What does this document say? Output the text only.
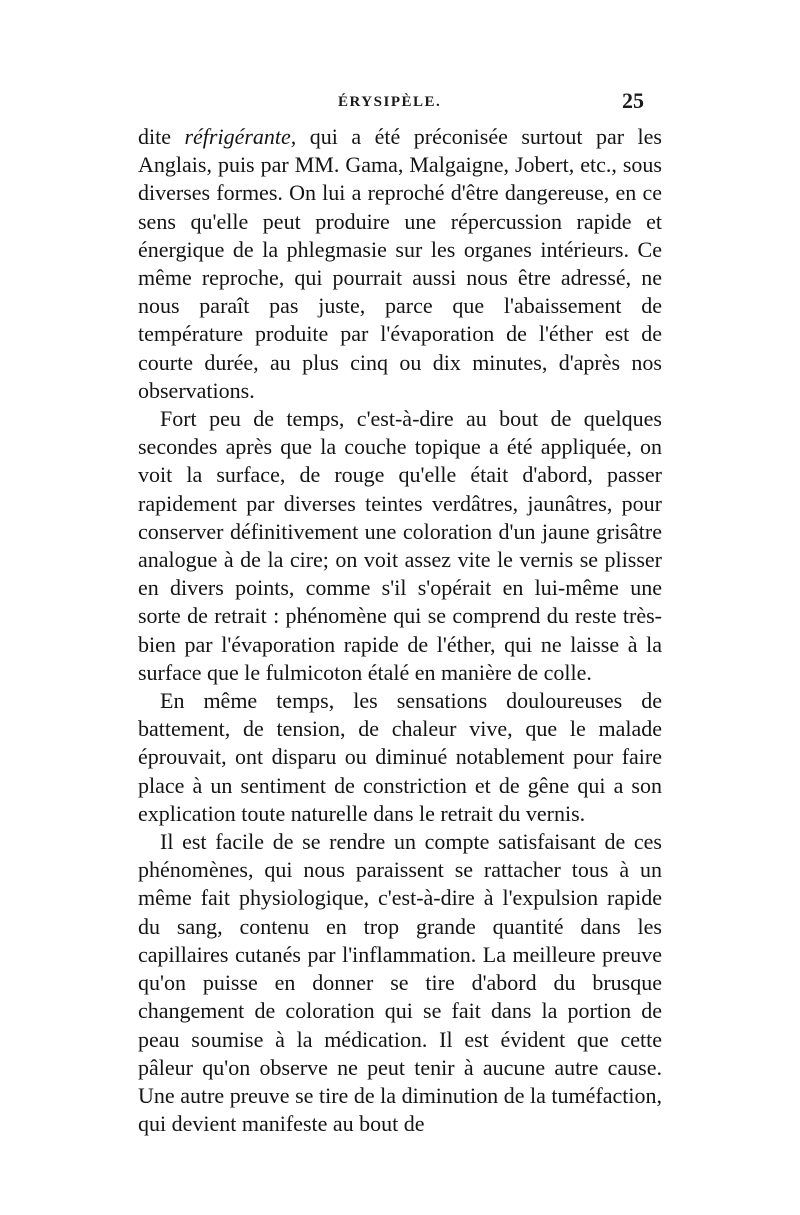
ÉRYSIPÈLE.	25

dite réfrigérante, qui a été préconisée surtout par les Anglais, puis par MM. Gama, Malgaigne, Jobert, etc., sous diverses formes. On lui a reproché d'être dangereuse, en ce sens qu'elle peut produire une répercussion rapide et énergique de la phlegmasie sur les organes intérieurs. Ce même reproche, qui pourrait aussi nous être adressé, ne nous paraît pas juste, parce que l'abaissement de température produite par l'évaporation de l'éther est de courte durée, au plus cinq ou dix minutes, d'après nos observations.

Fort peu de temps, c'est-à-dire au bout de quelques secondes après que la couche topique a été appliquée, on voit la surface, de rouge qu'elle était d'abord, passer rapidement par diverses teintes verdâtres, jaunâtres, pour conserver définitivement une coloration d'un jaune grisâtre analogue à de la cire; on voit assez vite le vernis se plisser en divers points, comme s'il s'opérait en lui-même une sorte de retrait : phénomène qui se comprend du reste très-bien par l'évaporation rapide de l'éther, qui ne laisse à la surface que le fulmicoton étalé en manière de colle.

En même temps, les sensations douloureuses de battement, de tension, de chaleur vive, que le malade éprouvait, ont disparu ou diminué notablement pour faire place à un sentiment de constriction et de gêne qui a son explication toute naturelle dans le retrait du vernis.

Il est facile de se rendre un compte satisfaisant de ces phénomènes, qui nous paraissent se rattacher tous à un même fait physiologique, c'est-à-dire à l'expulsion rapide du sang, contenu en trop grande quantité dans les capillaires cutanés par l'inflammation. La meilleure preuve qu'on puisse en donner se tire d'abord du brusque changement de coloration qui se fait dans la portion de peau soumise à la médication. Il est évident que cette pâleur qu'on observe ne peut tenir à aucune autre cause. Une autre preuve se tire de la diminution de la tuméfaction, qui devient manifeste au bout de
